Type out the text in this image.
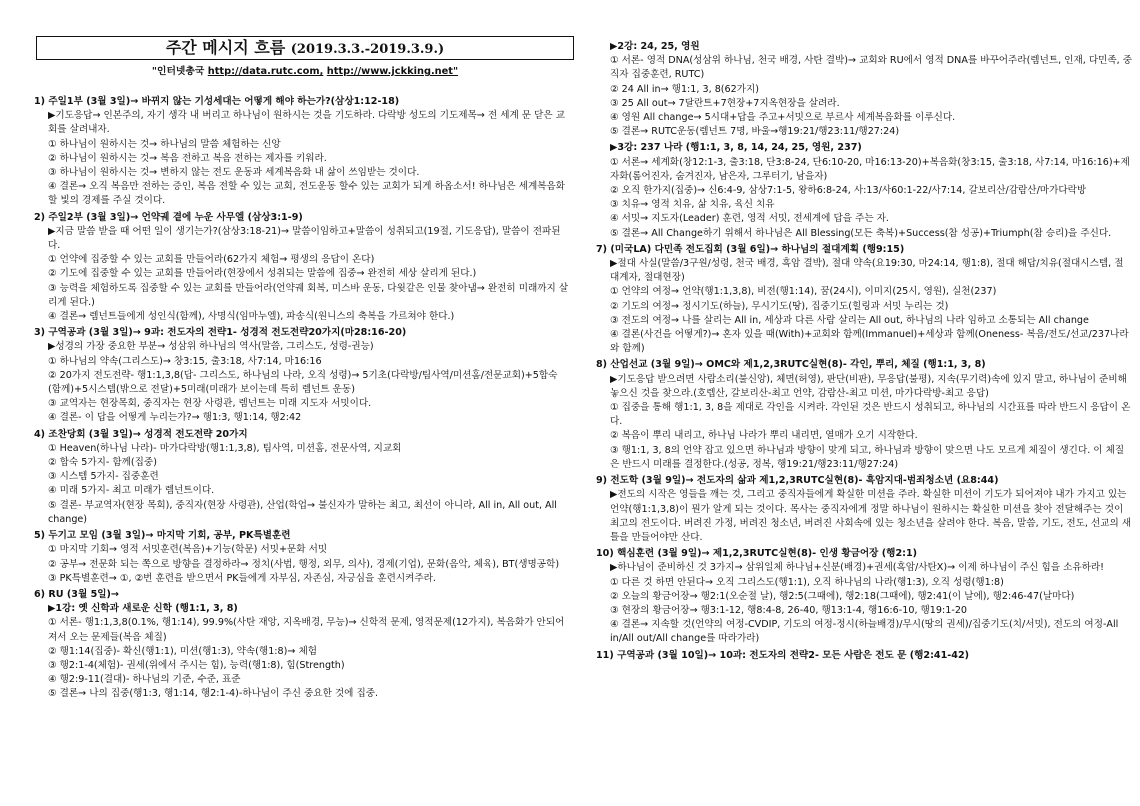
주간 메시지 흐름 (2019.3.3.-2019.3.9.)
"인터넷총국 http://data.rutc.com, http://www.jckking.net"
1) 주일1부 (3월 3일)→ 바뀌지 않는 기성세대는 어떻게 해야 하는가?(삼상1:12-18)
▶기도응답→ 인본주의, 자기 생각 내 버리고 하나님이 원하시는 것을 기도하라. 다락방 성도의 기도제목→ 전 세계 문 닫은 교회를 살려내자.
① 하나님이 원하시는 것→ 하나님의 말씀 체험하는 신앙
② 하나님이 원하시는 것→ 복음 전하고 복음 전하는 제자를 키워라.
③ 하나님이 원하시는 것→ 변하지 않는 전도 운동과 세계복음화 내 삶이 쓰임받는 것이다.
④ 결론→ 오직 복음만 전하는 증인, 복음 전할 수 있는 교회, 전도운동 할수 있는 교회가 되게 하옵소서! 하나님은 세계복음화 할 빛의 경제를 주실 것이다.
2) 주일2부 (3월 3일)→ 언약궤 곁에 누운 사무엘 (삼상3:1-9)
▶지금 말씀 받을 때 어떤 일이 생기는가?(삼상3:18-21)→ 말씀이임하고+말씀이 성취되고(19절, 기도응답), 말씀이 전파된다.
① 언약에 집중할 수 있는 교회를 만들어라(62가지 체험→ 평생의 응답이 온다)
② 기도에 집중할 수 있는 교회를 만들어라(현장에서 성취되는 말씀에 집중→ 완전히 세상 살리게 된다.)
③ 능력을 체험하도록 집중할 수 있는 교회를 만들어라(언약궤 회복, 미스바 운동, 다윗같은 인물 찾아냄→ 완전히 미래까지 살리게 된다.)
④ 결론→ 렘넌트들에게 성인식(함께), 사명식(임마누엘), 파송식(원니스의 축복을 가르쳐야 한다.)
3) 구역공과 (3월 3일)→ 9과: 전도자의 전략1- 성경적 전도전략20가지(마28:16-20)
▶성경의 가장 중요한 부분→ 성삼위 하나님의 역사(말씀, 그리스도, 성령-권능)
① 하나님의 약속(그리스도)→ 창3:15, 출3:18, 사7:14, 마16:16
② 20가지 전도전략- 행1:1,3,8(답- 그리스도, 하나님의 나라, 오직 성령)→ 5기초(다락방/팀사역/미션홈/전문교회)+5합숙(함께)+5시스템(밖으로 전달)+5미래(미래가 보이는데 특히 렘넌트 운동)
③ 교역자는 현장목회, 중직자는 현장 사령관, 렘넌트는 미래 지도자 서밋이다.
④ 결론- 이 답을 어떻게 누리는가?→ 행1:3, 행1:14, 행2:42
4) 조찬당회 (3월 3일)→ 성경적 전도전략 20가지
① Heaven(하나님 나라)- 마가다락방(행1:1,3,8), 팀사역, 미션홈, 전문사역, 지교회
② 합숙 5가지- 함께(집중)
③ 시스템 5가지- 집중훈련
④ 미래 5가지- 최고 미래가 렘넌트이다.
⑤ 결론- 부교역자(현장 목회), 중직자(현장 사령관), 산업(학업→ 불신자가 말하는 최고, 최선이 아니라, All in, All out, All change)
5) 두기고 모임 (3월 3일)→ 마지막 기회, 공부, PK특별훈련
① 마지막 기회→ 영적 서밋훈련(복음)+기능(학문) 서밋+문화 서밋
② 공부→ 전문화 되는 쪽으로 방향을 결정하라→ 정치(사법, 행정, 외무, 의사), 경제(기업), 문화(음악, 체육), BT(생명공학)
③ PK특별훈련→ ①, ②번 훈련을 받으면서 PK들에게 자부심, 자존심, 자긍심을 훈련시켜주라.
6) RU (3월 5일)→
▶1강: 옛 신학과 새로운 신학 (행1:1, 3, 8)
① 서론- 행1:1,3,8(0.1%, 행1:14), 99.9%(사탄 재앙, 지옥배경, 무능)→ 신학적 문제, 영적문제(12가지), 복음화가 안되어져서 오는 문제들(복음 체질)
② 행1:14(집중)- 확신(행1:1), 미션(행1:3), 약속(행1:8)→ 체험
③ 행2:1-4(체험)- 권세(위에서 주시는 힘), 능력(행1:8), 힘(Strength)
④ 행2:9-11(결대)- 하나님의 기준, 수준, 표준
⑤ 결론→ 나의 집중(행1:3, 행1:14, 행2:1-4)-하나님이 주신 중요한 것에 집중.
▶2강: 24, 25, 영원
① 서론- 영적 DNA(성삼위 하나님, 천국 배경, 사탄 결박)→ 교회와 RU에서 영적 DNA를 바꾸어주라(렘넌트, 인재, 다민족, 중직자 집중훈련, RUTC)
② 24 All in→ 행1:1, 3, 8(62가지)
③ 25 All out→ 7달란트+7현장+7지옥현장을 살려라.
④ 영원 All change→ 5시대+답을 주고+서밋으로 부르사 세계복음화를 이루신다.
⑤ 결론→ RUTC운동(렘넌트 7명, 바울→행19:21/행23:11/행27:24)
▶3강: 237 나라 (행1:1, 3, 8, 14, 24, 25, 영원, 237)
① 서론→ 세계화(창12:1-3, 출3:18, 단3:8-24, 단6:10-20, 마16:13-20)+복음화(창3:15, 출3:18, 사7:14, 마16:16)+제자화(롬어진자, 숨겨진자, 남은자, 그루터기, 남을자)
② 오직 한가지(집중)→ 신6:4-9, 삼상7:1-5, 왕하6:8-24, 사:13/사60:1-22/사7:14, 갈보리산/감람산/마가다락방
③ 치유→ 영적 치유, 삶 치유, 육신 치유
④ 서밋→ 지도자(Leader) 훈련, 영적 서밋, 전세계에 답을 주는 자.
⑤ 결론→ All Change하기 위해서 하나님은 All Blessing(모든 축복)+Success(참 성공)+Triumph(참 승리)을 주신다.
7) (미국LA) 다민족 전도집회 (3월 6일)→ 하나님의 절대계획 (행9:15)
▶절대 사실(말씀/3구원/성령, 천국 배경, 흑암 결박), 절대 약속(요19:30, 마24:14, 행1:8), 절대 해답/치유(절대시스템, 절대계자, 절대현장)
① 언약의 여정→ 언약(행1:1,3,8), 비전(행1:14), 꿈(24시), 이미지(25시, 영원), 실천(237)
② 기도의 여정→ 정시기도(하늘), 무시기도(땅), 집중기도(힐링과 서밋 누리는 것)
③ 전도의 여정→ 나를 살리는 All in, 세상과 다른 사람 살리는 All out, 하나님의 나라 임하고 소통되는 All change
④ 결론(사건을 어떻게?)→ 혼자 있을 때(With)+교회와 함께(Immanuel)+세상과 함께(Oneness- 복음/전도/선교/237나라와 함께)
8) 산업선교 (3월 9일)→ OMC와 제1,2,3RUTC실현(8)- 각인, 뿌리, 체질 (행1:1, 3, 8)
▶기도응답 받으려면 사람소리(불신앙), 체면(허영), 판단(비판), 무응답(불평), 지속(무기력)속에 있지 말고, 하나님이 준비해 놓으신 것을 찾으라.(호렙산, 갈보리산-최고 언약, 감람산-최고 미션, 마가다락방-최고 응답)
① 집중을 통해 행1:1, 3, 8을 제대로 각인을 시켜라. 각인된 것은 반드시 성취되고, 하나님의 시간표를 따라 반드시 응답이 온다.
② 복음이 뿌리 내리고, 하나님 나라가 뿌리 내리면, 열매가 오기 시작한다.
③ 행1:1, 3, 8의 언약 잡고 있으면 하나님과 방향이 맞게 되고, 하나님과 방향이 맞으면 나도 모르게 체질이 생긴다. 이 체질은 반드시 미래를 결정한다.(성공, 정복, 행19:21/행23:11/행27:24)
9) 전도학 (3월 9일)→ 전도자의 삶과 제1,2,3RUTC실현(8)- 흑암지대-범죄청소년 (요8:44)
▶전도의 시작은 영들을 깨는 것, 그리고 중직자들에게 확실한 미션을 주라. 확실한 미션이 기도가 되어져야 내가 가지고 있는 언약(행1:1,3,8)이 뭔가 알게 되는 것이다. 목사는 중직자에게 정말 하나님이 원하시는 확실한 미션을 찾아 전달해주는 것이 최고의 전도이다. 버려진 가정, 버려진 청소년, 버려진 사회속에 있는 청소년을 살려야 한다. 복음, 말씀, 기도, 전도, 선교의 새틀을 만들어야만 산다.
10) 핵심훈련 (3월 9일)→ 제1,2,3RUTC실현(8)- 인생 황금어장 (행2:1)
▶하나님이 준비하신 것 3가지→ 삼위일체 하나님+신분(배경)+권세(흑암/사탄X)→ 이제 하나님이 주신 힘을 소유하라!
① 다른 것 하면 안된다→ 오직 그리스도(행1:1), 오직 하나님의 나라(행1:3), 오직 성령(행1:8)
② 오늘의 황금어장→ 행2:1(오순절 날), 행2:5(그때에), 행2:18(그때에), 행2:41(이 날에), 행2:46-47(날마다)
③ 현장의 황금어장→ 행3:1-12, 행8:4-8, 26-40, 행13:1-4, 행16:6-10, 행19:1-20
④ 결론→ 지속할 것(언약의 여정-CVDIP, 기도의 여정-정시(하늘배경)/무시(땅의 권세)/집중기도(치/서밋), 전도의 여정-All in/All out/All change를 따라가라)
11) 구역공과 (3월 10일)→ 10과: 전도자의 전략2- 모든 사람은 전도 문 (행2:41-42)
